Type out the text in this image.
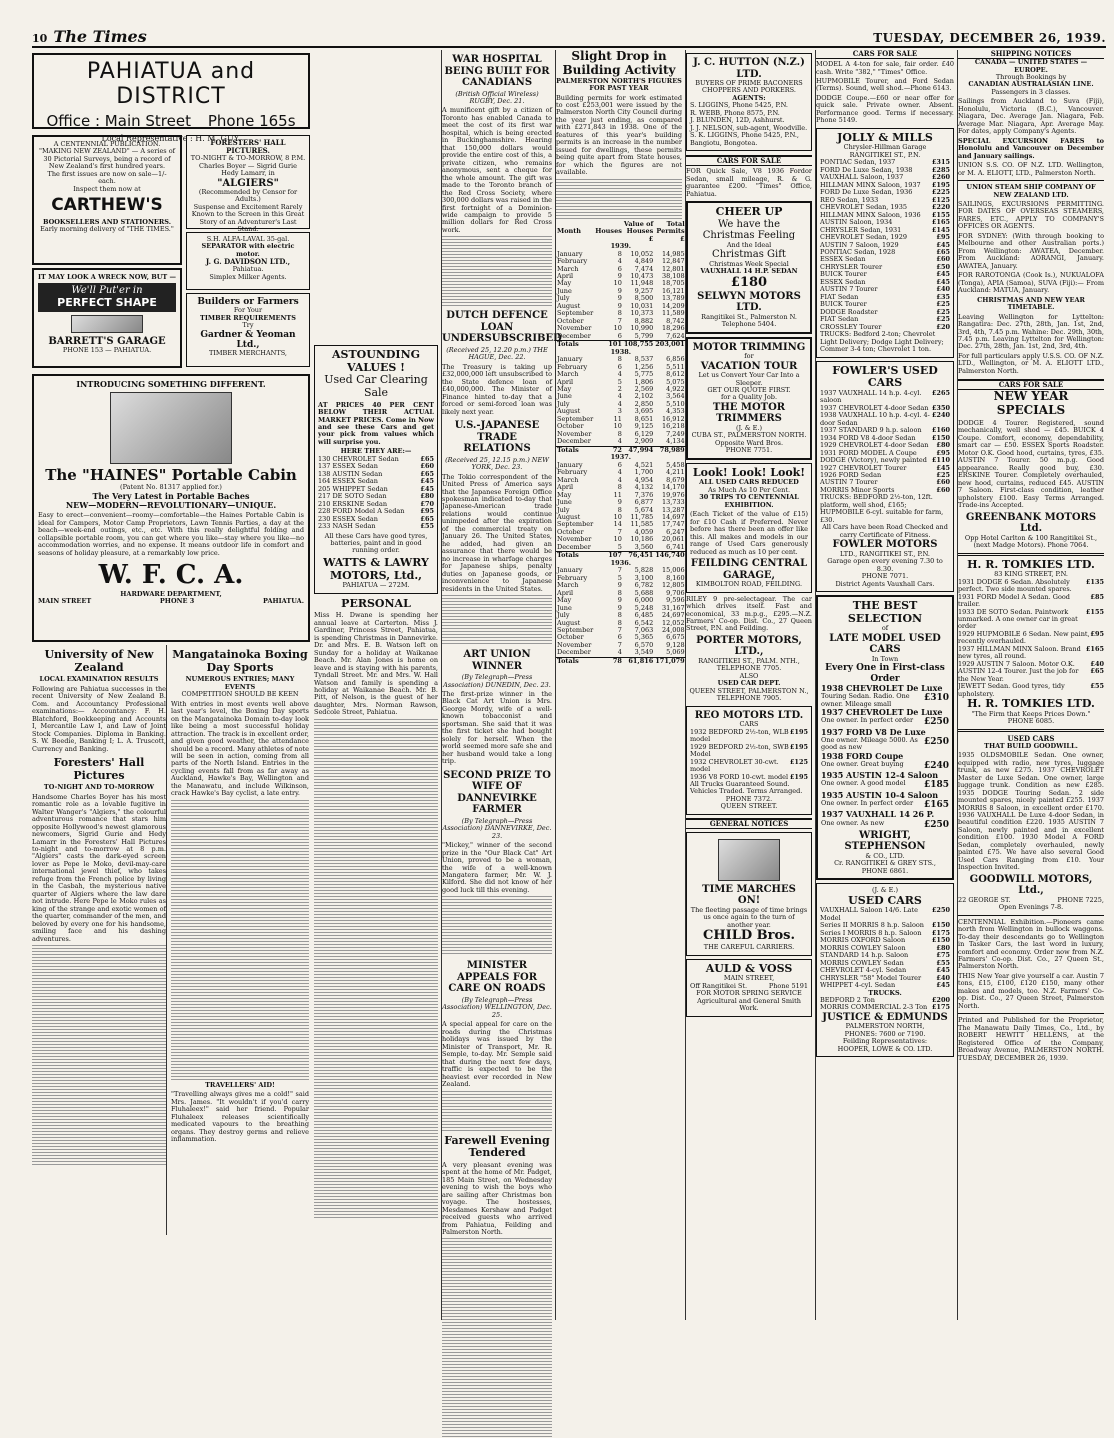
10 The Times	TUESDAY, DECEMBER 26, 1939.
PAHIATUA and DISTRICT
Office : Main Street Phone 165s
Local Representative : H. M. GUY.
A CENTENNIAL PUBLICATION.
"MAKING NEW ZEALAND" — A series of 30 Pictorial Surveys, being a record of New Zealand's first hundred years.
The first issues are now on sale—1/- each.
Inspect them now at
CARTHEW'S
BOOKSELLERS AND STATIONERS.
Early morning delivery of "THE TIMES."
IT MAY LOOK A WRECK NOW, BUT —
We'll Put'er in
PERFECT SHAPE
BARRETT'S GARAGE
PHONE 153 — PAHIATUA.
FORESTERS' HALL PICTURES.
TO-NIGHT & TO-MORROW, 8 P.M.
Charles Boyer — Sigrid Gurie
Hedy Lamarr, in
"ALGIERS"
(Recommended by Censor for Adults.)
Suspense and Excitement Rarely Known to the Screen in this Great Story of an Adventurer's Last Stand.
S.H. ALFA-LAVAL 35-gal.
SEPARATOR with electric motor.
J. G. DAVIDSON LTD.,
Pahiatua.
Simplex Milker Agents.
Builders or Farmers
For Your
TIMBER REQUIREMENTS
Try
Gardner & Yeoman Ltd.,
TIMBER MERCHANTS,
INTRODUCING SOMETHING DIFFERENT.
The "HAINES" Portable Cabin
(Patent No. 81317 applied for.)
The Very Latest in Portable Baches
NEW—MODERN—REVOLUTIONARY—UNIQUE.

Easy to erect—convenient—roomy—comfortable—the Haines Portable Cabin is ideal for Campers, Motor Camp Proprietors, Lawn Tennis Parties, a day at the beach—week-end outings, etc., etc. With this really delightful folding and collapsible portable room, you can get where you like—stay where you like—no accommodation worries, and no expense. It means outdoor life in comfort and seasons of holiday pleasure, at a remarkably low price.

W. F. C. A.
HARDWARE DEPARTMENT,
MAIN STREET	PHONE 3	PAHIATUA.
University of New Zealand
LOCAL EXAMINATION RESULTS

Following are Pahiatua successes in the recent University of New Zealand B. Com. and Accountancy Professional examinations:— Accountancy: F. H. Blatchford, Bookkeeping and Accounts I, Mercantile Law I, and Law of Joint Stock Companies. Diploma in Banking. S. W. Beedie, Banking I; L. A. Truscott, Currency and Banking.

Foresters' Hall Pictures
TO-NIGHT AND TO-MORROW

Handsome Charles Boyer has his most romantic role as a lovable fugitive in Walter Wanger's "Algiers," the colourful adventurous romance that stars him opposite Hollywood's newest glamorous newcomers, Sigrid Gurie and Hedy Lamarr in the Foresters' Hall Pictures to-night and to-morrow at 8 p.m. "Algiers" casts the dark-eyed screen lover as Pepe le Moko, devil-may-care international jewel thief, who takes refuge from the French police by living in the Casbah, the mysterious native quarter of Algiers where the law dare not intrude. Here Pepe le Moko rules as king of the strange and exotic women of the quarter, commander of the men, and beloved by every one for his handsome, smiling face and his dashing adventures.

Mangatainoka Boxing Day Sports
NUMEROUS ENTRIES; MANY EVENTS
COMPETITION SHOULD BE KEEN

With entries in most events well above last year's level, the Boxing Day sports on the Mangatainoka Domain to-day look like being a most successful holiday attraction. The track is in excellent order, and given good weather, the attendance should be a record. Many athletes of note will be seen in action, coming from all parts of the North Island. Entries in the cycling events fall from as far away as Auckland, Hawke's Bay, Wellington and the Manawatu, and include Wilkinson, crack Hawke's Bay cyclist, a late entry.

TRAVELLERS' AID!

"Travelling always gives me a cold!" said Mrs. James. "It wouldn't if you'd carry Fluhaleex!" said her friend. Popular Fluhaleex releases scientifically medicated vapours to the breathing organs. They destroy germs and relieve inflammation.

ASTOUNDING VALUES !
Used Car Clearing Sale

AT PRICES 40 PER CENT BELOW THEIR ACTUAL MARKET PRICES. Come in Now and see these Cars and get your pick from values which will surprise you.

HERE THEY ARE:—
130 CHEVROLET Sedan	£65
137 ESSEX Sedan	£60
138 AUSTIN Sedan	£65
164 ESSEX Sedan	£45
205 WHIPPET Sedan	£45
217 DE SOTO Sedan	£80
210 ERSKINE Sedan	£70
228 FORD Model A Sedan £95
230 ESSEX Sedan	£65
233 NASH Sedan	£55

All these Cars have good tyres, batteries, paint and in good running order.

WATTS & LAWRY MOTORS, Ltd.,
PAHIATUA — 272M.
PERSONAL

Miss H. Dwane is spending her annual leave at Carterton. Miss J. Gardiner, Princess Street, Pahiatua, is spending Christmas in Dannevirke. Dr. and Mrs. E. B. Watson left on Sunday for a holiday at Waikanae Beach. Mr. Alan Jones is home on leave and is staying with his parents, Tyndall Street. Mr. and Mrs. W. Hall Watson and family is spending a holiday at Waikanae Beach. Mr. B. Pitt, of Nelson, is the guest of her daughter, Mrs. Norman Rawson, Sedcole Street, Pahiatua.

WAR HOSPITAL BEING BUILT FOR CANADIANS
(British Official Wireless) RUGBY, Dec. 21.

A munificent gift by a citizen of Toronto has enabled Canada to meet the cost of its first war hospital, which is being erected in Buckinghamshire. Hearing that 150,000 dollars would provide the entire cost of this, a private citizen, who remains anonymous, sent a cheque for the whole amount. The gift was made to the Toronto branch of the Red Cross Society, where 300,000 dollars was raised in the first fortnight of a Dominion-wide campaign to provide 5 million dollars for Red Cross work.

DUTCH DEFENCE LOAN UNDERSUBSCRIBED
(Received 25, 12.20 p.m.) THE HAGUE, Dec. 22.

The Treasury is taking up £32,000,000 left unsubscribed to the State defence loan of £40,000,000. The Minister of Finance hinted to-day that a forced or semi-forced loan was likely next year.

U.S.-JAPANESE TRADE RELATIONS
(Received 25, 12.15 p.m.) NEW YORK, Dec. 23.

The Tokio correspondent of the United Press of America says that the Japanese Foreign Office spokesman indicated to-day that Japanese-American trade relations would continue unimpeded after the expiration of the commercial treaty on January 26. The United States, he added, had given an assurance that there would be no increase in wharfage charges for Japanese ships, penalty duties on Japanese goods, or inconvenience to Japanese residents in the United States.

ART UNION WINNER
(By Telegraph—Press Association) DUNEDIN, Dec. 23.

The first-prize winner in the Black Cat Art Union is Mrs. George Mordy, wife of a well-known tobacconist and sportsman. She said that it was the first ticket she had bought solely for herself. When the world seemed more safe she and her husband would take a long trip.

SECOND PRIZE TO WIFE OF DANNEVIRKE FARMER
(By Telegraph—Press Association) DANNEVIRKE, Dec. 23.

"Mickey," winner of the second prize in the "Our Black Cat" Art Union, proved to be a woman, the wife of a well-known Mangatera farmer, Mr. W. J. Kilford. She did not know of her good luck till this evening.

MINISTER APPEALS FOR CARE ON ROADS
(By Telegraph—Press Association) WELLINGTON, Dec. 25.

A special appeal for care on the roads during the Christmas holidays was issued by the Minister of Transport, Mr. R. Semple, to-day. Mr. Semple said that during the next few days, traffic is expected to be the heaviest ever recorded in New Zealand.

Farewell Evening Tendered

A very pleasant evening was spent at the home of Mr. Padget, 185 Main Street, on Wednesday evening to wish the boys who are sailing after Christmas bon voyage. The hostesses, Mesdames Kershaw and Padget received guests who arrived from Pahiatua, Feilding and Palmerston North.

Slight Drop in Building Activity
PALMERSTON NORTH'S FIGURES FOR PAST YEAR

Building permits for work estimated to cost £253,001 were issued by the Palmerston North City Council during the year just ending, as compared with £271,843 in 1938. One of the features of this year's building permits is an increase in the number issued for dwellings, these permits being quite apart from State houses, for which the figures are not available.

Month	Houses	Value of Houses £	Total Permits £
1939.			
January	8	10,052	14,985
February	4	4,849	12,847
March	6	7,474	12,801
April	9	10,473	38,108
May	10	11,948	18,705
June	9	9,257	16,121
July	9	8,500	13,789
August	9	10,031	14,209
September	8	10,373	11,589
October	7	8,882	8,742
November	10	10,990	18,296
December	6	5,799	7,624
Totals	101	108,755	203,001
1938.			
January	8	8,537	6,856
February	6	1,256	5,511
March	4	5,775	8,612
April	5	1,806	5,075
May	2	2,569	4,922
June	4	2,102	3,564
July	4	2,850	5,510
August	3	3,695	4,353
September	11	8,651	16,912
October	10	9,125	16,218
November	8	6,129	7,249
December	4	2,909	4,134
Totals	72	47,994	78,989
1937.			
January	6	4,521	5,458
February	4	1,700	4,211
March	4	4,954	8,679
April	8	4,132	14,170
May	11	7,376	19,976
June	9	6,877	13,733
July	8	5,674	13,287
August	10	11,785	14,697
September	14	11,585	17,747
October	7	4,059	6,247
November	10	10,186	20,061
December	5	3,560	6,741
Totals	107	76,451	146,740
1936.			
January	7	5,828	15,006
February	5	3,100	8,160
March	9	6,782	12,805
April	8	5,688	9,706
May	9	6,000	9,596
June	9	5,248	31,167
July	8	6,485	24,697
August	8	6,542	12,052
September	7	7,063	24,008
October	6	5,365	6,675
November	7	6,570	9,128
December	4	3,549	5,069
Totals	78	61,816	171,079
J. C. HUTTON (N.Z.) LTD.
BUYERS OF PRIME BACONERS CHOPPERS AND PORKERS.
AGENTS:
S. LIGGINS, Phone 5425, P.N.
R. WEBB, Phone 8575, P.N.
J. BLUNDEN, 12D, Ashhurst.
J. J. NELSON, sub-agent, Woodville.
S. K. LIGGINS, Phone 5425, P.N., Bangiotu, Bongotea.
CARS FOR SALE

FOR Quick Sale, V8 1936 Fordor Sedan, small mileage, R. & G. guarantee £200. "Times" Office, Pahiatua.

CHEER UP
We have the Christmas Feeling
And the Ideal
Christmas Gift
Christmas Week Special
VAUXHALL 14 H.P. SEDAN
£180
SELWYN MOTORS LTD.
Rangitikei St., Palmerston N.
Telephone 5404.
MOTOR TRIMMING
for
VACATION TOUR
Let us Convert Your Car Into a Sleeper.
GET OUR QUOTE FIRST.
for a Quality Job.
THE MOTOR TRIMMERS
(J. & E.)
CUBA ST., PALMERSTON NORTH.
Opposite Ward Bros.
PHONE 7751.
Look! Look! Look!
ALL USED CARS REDUCED
As Much As 10 Per Cent.
30 TRIPS TO CENTENNIAL EXHIBITION.

(Each Ticket of the value of £15) for £10 Cash if Preferred. Never before has there been an offer like this. All makes and models in our range of Used Cars generously reduced as much as 10 per cent.

FEILDING CENTRAL GARAGE,
KIMBOLTON ROAD, FEILDING.

RILEY 9 pre-selectagear. The car which drives itself. Fast and economical, 33 m.p.g., £295.—N.Z. Farmers' Co-op. Dist. Co., 27 Queen Street, P.N. and Feilding.

PORTER MOTORS, LTD.,
RANGITIKEI ST., PALM. NTH.,
TELEPHONE 7705.
ALSO
USED CAR DEPT.
QUEEN STREET, PALMERSTON N.,
TELEPHONE 7905.
REO MOTORS LTD.
CARS
1932 BEDFORD 2½-ton, WLB model
£195
1929 BEDFORD 2½-ton, SWB Model
£195
1932 CHEVROLET 30-cwt. model
£125
1936 V8 FORD 10-cwt. model £195
All Trucks Guaranteed Sound.
Vehicles Traded. Terms Arranged.
PHONE 7372.
QUEEN STREET.
GENERAL NOTICES
TIME MARCHES ON!
The fleeting passage of time brings us once again to the turn of another year.
CHILD Bros.
THE CAREFUL CARRIERS.
AULD & VOSS
MAIN STREET,
Off Rangitikei St.	Phone 5191
FOR MOTOR SPRING SERVICE
Agricultural and General Smith Work.
CARS FOR SALE

MODEL A 4-ton for sale, fair order. £40 cash. Write "382," "Times" Office.

HUPMOBILE Tourer, and Ford Sedan (Terms). Sound, well shod.—Phone 6143.

DODGE Coupe.—£60 or near offer for quick sale. Private owner. Absent. Performance good. Terms if necessary. Phone 5149.

JOLLY & MILLS
Chrysler-Hillman Garage
RANGITIKEI ST., P.N.
PONTIAC Sedan, 1937	£315
FORD De Luxe Sedan, 1938	£285
VAUXHALL Saloon, 1937	£260
HILLMAN MINX Saloon, 1937 £195
FORD De Luxe Sedan, 1936	£225
REO Sedan, 1933	£125
CHEVROLET Sedan, 1935	£220
HILLMAN MINX Saloon, 1936 £155
AUSTIN Saloon, 1934	£165
CHRYSLER Sedan, 1931	£145
CHEVROLET Sedan, 1929	£95
AUSTIN 7 Saloon, 1929	£45
PONTIAC Sedan, 1928	£65
ESSEX Sedan	£60
CHRYSLER Tourer	£50
BUICK Tourer	£45
ESSEX Sedan	£45
AUSTIN 7 Tourer	£40
FIAT Sedan	£35
BUICK Tourer	£25
DODGE Roadster	£25
FIAT Sedan	£25
CROSSLEY Tourer	£20
TRUCKS: Bedford 2-ton; Chevrolet Light Delivery; Dodge Light Delivery; Commer 3-4 ton; Chevrolet 1 ton.
FOWLER'S USED CARS
1937 VAUXHALL 14 h.p. 4-cyl. saloon
£265
1937 CHEVROLET 4-door Sedan £350
1938 VAUXHALL 10 h.p. 4-cyl. 4-door Sedan
£240
1937 STANDARD 9 h.p. saloon £160
1934 FORD V8 4-door Sedan	£150
1929 CHEVROLET 4-door Sedan £80
1931 FORD MODEL A Coupe	£95
DODGE (Victory), newly painted £110
1927 CHEVROLET Tourer	£45
1926 FORD Sedan	£25
AUSTIN 7 Tourer	£60
MORRIS Minor Sports	£60
TRUCKS: BEDFORD 2½-ton, 12ft. platform, well shod, £165; HUPMOBILE 6-cyl. suitable for farm, £30.
All Cars have been Road Checked and carry Certificate of Fitness.
FOWLER MOTORS
LTD., RANGITIKEI ST., P.N.
Garage open every evening 7.30 to 8.30.
PHONE 7071.
District Agents Vauxhall Cars.
THE BEST SELECTION
of
LATE MODEL USED CARS
In Town
Every One in First-class Order
1938 CHEVROLET De Luxe
Touring Sedan. Radio. One owner. Mileage small
£310
1937 CHEVROLET De Luxe
One owner. In perfect order £250
1937 FORD V8 De Luxe
One owner. Mileage 5000. As good as new
£250
1938 FORD Coupe
One owner. Great buying £240
1935 AUSTIN 12-4 Saloon
One owner. A good model £185
1935 AUSTIN 10-4 Saloon
One owner. In perfect order £165
1937 VAUXHALL 14 26 P.
One owner. As new	£250
WRIGHT, STEPHENSON
& CO., LTD.
Cr. RANGITIKEI & GREY STS.,
PHONE 6861.
(J. & E.)
USED CARS
VAUXHALL Saloon 14/6. Late Model
£250
Series II MORRIS 8 h.p. Saloon £150
Series I MORRIS 8 h.p. Saloon £175
MORRIS OXFORD Saloon	£150
MORRIS COWLEY Saloon	£80
STANDARD 14 h.p. Saloon	£75
MORRIS COWLEY Sedan	£55
CHEVROLET 4-cyl. Sedan	£45
CHRYSLER "58" Model Tourer £40
WHIPPET 4-cyl. Sedan	£45
TRUCKS.
BEDFORD 2 Ton	£200
MORRIS COMMERCIAL 2-3 Ton £175
JUSTICE & EDMUNDS
PALMERSTON NORTH,
PHONES: 7600 or 7190.
Feilding Representatives:
HOOPER, LOWE & CO. LTD.
SHIPPING NOTICES
CANADA — UNITED STATES — EUROPE.
Through Bookings by
CANADIAN AUSTRALASIAN LINE.
Passengers in 3 classes.

Sailings from Auckland to Suva (Fiji), Honolulu, Victoria (B.C.), Vancouver. Niagara, Dec. Average Jan. Niagara, Feb. Average Mar. Niagara, Apr. Average May. For dates, apply Company's Agents.

SPECIAL EXCURSION FARES to Honolulu and Vancouver on December and January sailings.

UNION S.S. CO. OF N.Z. LTD. Wellington, or M. A. ELIOTT, LTD., Palmerston North.

UNION STEAM SHIP COMPANY OF NEW ZEALAND LTD.

SAILINGS, EXCURSIONS PERMITTING. FOR DATES OF OVERSEAS STEAMERS, FARES, ETC., APPLY TO COMPANY'S OFFICES OR AGENTS.

FOR SYDNEY: (With through booking to Melbourne and other Australian ports.) From Wellington: AWATEA, December. From Auckland: AORANGI, January. AWATEA, January.

FOR RAROTONGA (Cook Is.), NUKUALOFA (Tonga), APIA (Samoa), SUVA (Fiji):— From Auckland: MATUA, January.

CHRISTMAS AND NEW YEAR TIMETABLE.

Leaving Wellington for Lyttelton: Rangatira: Dec. 27th, 28th, Jan. 1st, 2nd, 3rd, 4th, 7.45 p.m. Wahine: Dec. 29th, 30th, 7.45 p.m. Leaving Lyttelton for Wellington: Dec. 27th, 28th, Jan. 1st, 2nd, 3rd, 4th.

For full particulars apply U.S.S. CO. OF N.Z. LTD., Wellington, or M. A. ELIOTT LTD., Palmerston North.

CARS FOR SALE
NEW YEAR SPECIALS

DODGE 4 Tourer. Registered, sound mechanically, well shod — £45. BUICK 4 Coupe. Comfort, economy, dependability, smart car — £50. ESSEX Sports Roadster. Motor O.K. Good hood, curtains, tyres, £35. AUSTIN 7 Tourer. 50 m.p.g. Good appearance. Really good buy, £30. ERSKINE Tourer. Completely overhauled, new hood, curtains, reduced £45. AUSTIN 7 Saloon. First-class condition, leather upholstery £100. Easy Terms Arranged. Trade-ins Accepted.

GREENBANK MOTORS Ltd.
Opp Hotel Carlton & 100 Rangitikei St., (next Madge Motors). Phone 7064.
H. R. TOMKIES LTD.
83 KING STREET, P.N.
1931 DODGE 6 Sedan. Absolutely perfect. Two side mounted spares.
£135
1931 FORD Model A Sedan. Good trailer.
£85
1933 DE SOTO Sedan. Paintwork unmarked. A one owner car in great order
£155
1929 HUPMOBILE 6 Sedan. New paint, recently overhauled.
£95
1937 HILLMAN MINX Saloon. Brand new tyres, all round.
£165
1929 AUSTIN 7 Saloon. Motor O.K. £40
AUSTIN 12-4 Tourer. Just the job for the New Year.
£65
JEWETT Sedan. Good tyres, tidy upholstery.
£55
H. R. TOMKIES LTD.
"The Firm that Keeps Prices Down."
PHONE 6085.
USED CARS
THAT BUILD GOODWILL.

1935 OLDSMOBILE Sedan. One owner, equipped with radio, new tyres, luggage trunk, as new £275. 1937 CHEVROLET Master de Luxe Sedan. One owner, large luggage trunk. Condition as new £285. 1935 DODGE Touring Sedan. 2 side mounted spares, nicely painted £255. 1937 MORRIS 8 Saloon, in excellent order £170. 1936 VAUXHALL De Luxe 4-door Sedan, in beautiful condition £220. 1935 AUSTIN 7 Saloon, newly painted and in excellent condition £100. 1930 Model A FORD Sedan, completely overhauled, newly painted £75. We have also several Good Used Cars Ranging from £10. Your Inspection Invited.

GOODWILL MOTORS, Ltd.,
22 GEORGE ST.	PHONE 7225,
Open Evenings 7-8.

CENTENNIAL Exhibition.—Pioneers came north from Wellington in bullock waggons. To-day their descendants go to Wellington in Tasker Cars, the last word in luxury, comfort and economy. Order now from N.Z. Farmers' Co-op. Dist. Co., 27 Queen St., Palmerston North.

THIS New Year give yourself a car. Austin 7 tons, £15, £100, £120 £150, many other makes and models, too. N.Z. Farmers' Co-op. Dist. Co., 27 Queen Street, Palmerston North.

Printed and Published for the Proprietor, The Manawatu Daily Times, Co., Ltd., by ROBERT HEWITT HELLENS, at the Registered Office of the Company, Broadway Avenue, PALMERSTON NORTH. TUESDAY, DECEMBER 26, 1939.
